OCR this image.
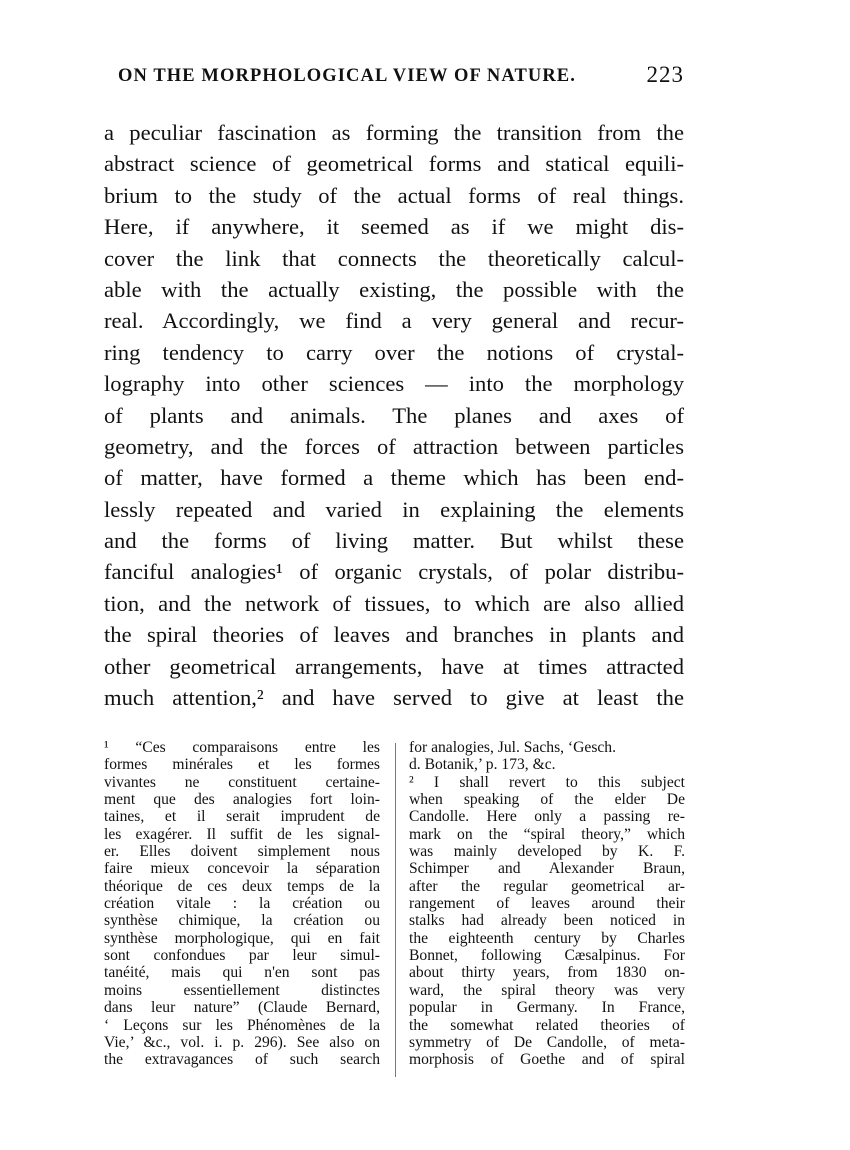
ON THE MORPHOLOGICAL VIEW OF NATURE.	223
a peculiar fascination as forming the transition from the
abstract science of geometrical forms and statical equili-
brium to the study of the actual forms of real things.
Here, if anywhere, it seemed as if we might dis-
cover the link that connects the theoretically calcul-
able with the actually existing, the possible with the
real. Accordingly, we find a very general and recur-
ring tendency to carry over the notions of crystal-
lography into other sciences — into the morphology
of plants and animals. The planes and axes of
geometry, and the forces of attraction between particles
of matter, have formed a theme which has been end-
lessly repeated and varied in explaining the elements
and the forms of living matter. But whilst these
fanciful analogies¹ of organic crystals, of polar distribu-
tion, and the network of tissues, to which are also allied
the spiral theories of leaves and branches in plants and
other geometrical arrangements, have at times attracted
much attention,² and have served to give at least the
¹ “Ces comparaisons entre les
formes minérales et les formes
vivantes ne constituent certaine-
ment que des analogies fort loin-
taines, et il serait imprudent de
les exagérer. Il suffit de les signal-
er. Elles doivent simplement nous
faire mieux concevoir la séparation
théorique de ces deux temps de la
création vitale : la création ou
synthèse chimique, la création ou
synthèse morphologique, qui en fait
sont confondues par leur simul-
tanéité, mais qui n'en sont pas
moins essentiellement distinctes
dans leur nature” (Claude Bernard,
‘ Leçons sur les Phénomènes de la
Vie,’ &c., vol. i. p. 296). See also on
the extravagances of such search
for analogies, Jul. Sachs, ‘Gesch.
d. Botanik,’ p. 173, &c.
² I shall revert to this subject
when speaking of the elder De
Candolle. Here only a passing re-
mark on the “spiral theory,” which
was mainly developed by K. F.
Schimper and Alexander Braun,
after the regular geometrical ar-
rangement of leaves around their
stalks had already been noticed in
the eighteenth century by Charles
Bonnet, following Cæsalpinus. For
about thirty years, from 1830 on-
ward, the spiral theory was very
popular in Germany. In France,
the somewhat related theories of
symmetry of De Candolle, of meta-
morphosis of Goethe and of spiral
